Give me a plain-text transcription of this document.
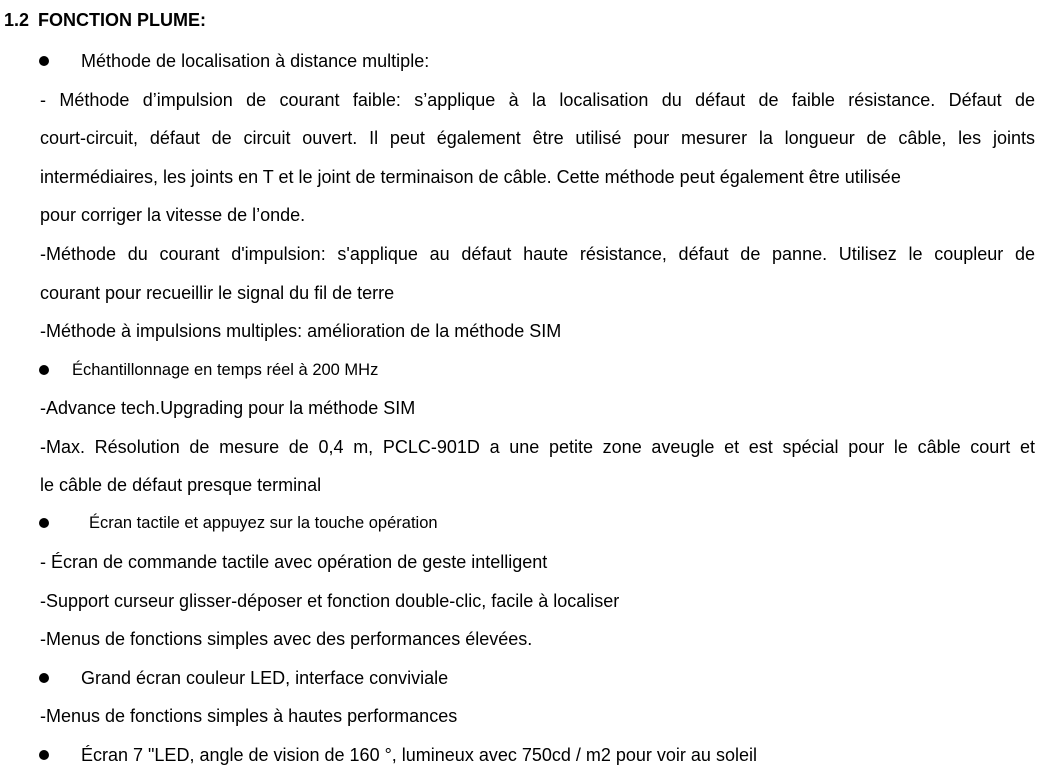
1.2 FONCTION PLUME:
Méthode de localisation à distance multiple:
- Méthode d’impulsion de courant faible: s’applique à la localisation du défaut de faible résistance. Défaut de
court-circuit, défaut de circuit ouvert. Il peut également être utilisé pour mesurer la longueur de câble, les joints
intermédiaires, les joints en T et le joint de terminaison de câble. Cette méthode peut également être utilisée
pour corriger la vitesse de l’onde.
-Méthode du courant d'impulsion: s'applique au défaut haute résistance, défaut de panne. Utilisez le coupleur de
courant pour recueillir le signal du fil de terre
-Méthode à impulsions multiples: amélioration de la méthode SIM
Échantillonnage en temps réel à 200 MHz
-Advance tech.Upgrading pour la méthode SIM
-Max. Résolution de mesure de 0,4 m, PCLC-901D a une petite zone aveugle et est spécial pour le câble court et
le câble de défaut presque terminal
Écran tactile et appuyez sur la touche opération
- Écran de commande tactile avec opération de geste intelligent
-Support curseur glisser-déposer et fonction double-clic, facile à localiser
-Menus de fonctions simples avec des performances élevées.
Grand écran couleur LED, interface conviviale
-Menus de fonctions simples à hautes performances
Écran 7 "LED, angle de vision de 160 °, lumineux avec 750cd / m2 pour voir au soleil
